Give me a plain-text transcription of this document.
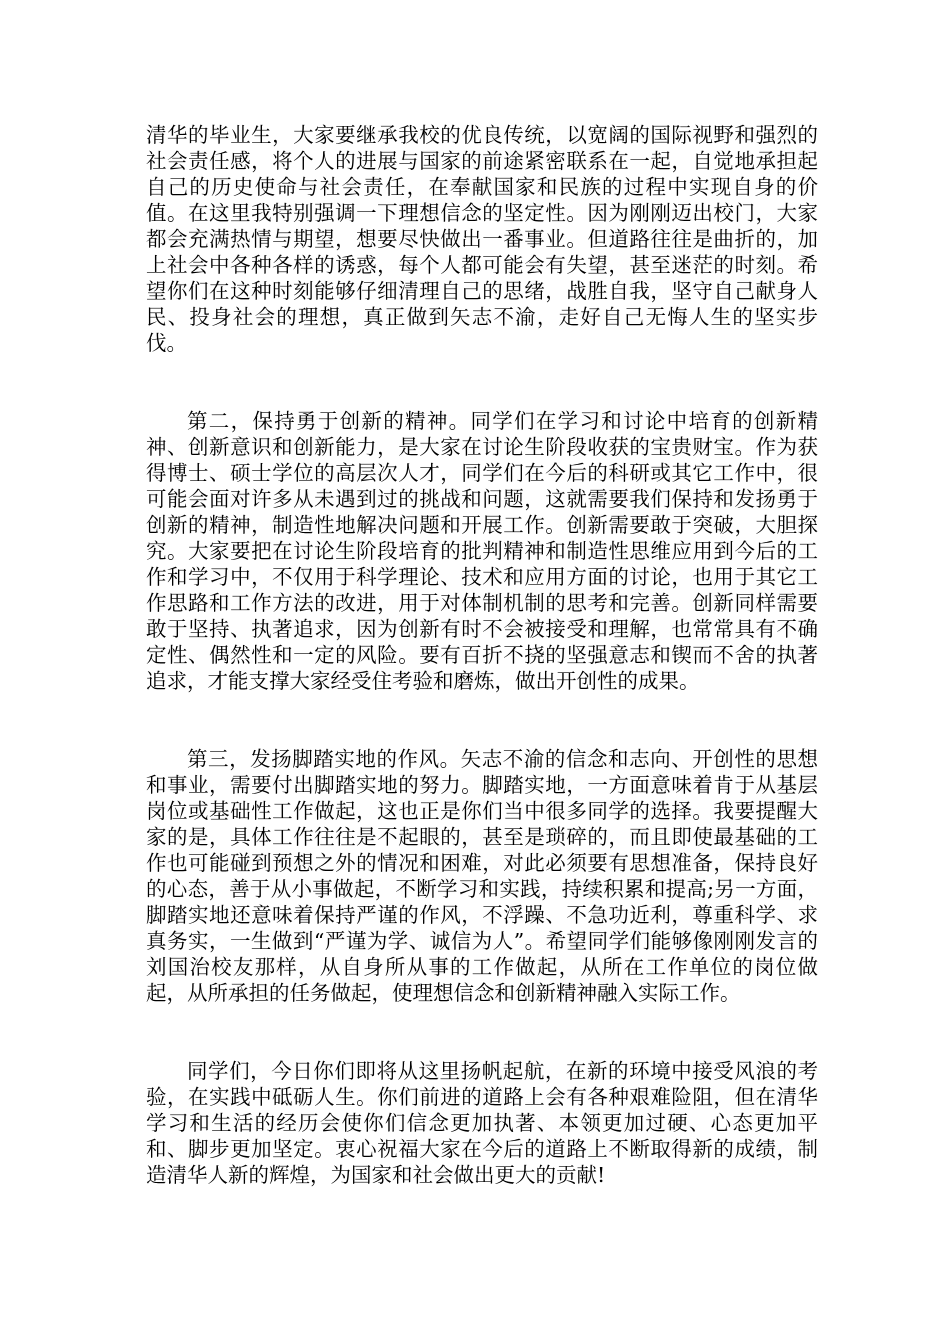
清华的毕业生，大家要继承我校的优良传统，以宽阔的国际视野和强烈的社会责任感，将个人的进展与国家的前途紧密联系在一起，自觉地承担起自己的历史使命与社会责任，在奉献国家和民族的过程中实现自身的价值。在这里我特别强调一下理想信念的坚定性。因为刚刚迈出校门，大家都会充满热情与期望，想要尽快做出一番事业。但道路往往是曲折的，加上社会中各种各样的诱惑，每个人都可能会有失望，甚至迷茫的时刻。希望你们在这种时刻能够仔细清理自己的思绪，战胜自我，坚守自己献身人民、投身社会的理想，真正做到矢志不渝，走好自己无悔人生的坚实步伐。

第二，保持勇于创新的精神。同学们在学习和讨论中培育的创新精神、创新意识和创新能力，是大家在讨论生阶段收获的宝贵财宝。作为获得博士、硕士学位的高层次人才，同学们在今后的科研或其它工作中，很可能会面对许多从未遇到过的挑战和问题，这就需要我们保持和发扬勇于创新的精神，制造性地解决问题和开展工作。创新需要敢于突破，大胆探究。大家要把在讨论生阶段培育的批判精神和制造性思维应用到今后的工作和学习中，不仅用于科学理论、技术和应用方面的讨论，也用于其它工作思路和工作方法的改进，用于对体制机制的思考和完善。创新同样需要敢于坚持、执著追求，因为创新有时不会被接受和理解，也常常具有不确定性、偶然性和一定的风险。要有百折不挠的坚强意志和锲而不舍的执著追求，才能支撑大家经受住考验和磨炼，做出开创性的成果。

第三，发扬脚踏实地的作风。矢志不渝的信念和志向、开创性的思想和事业，需要付出脚踏实地的努力。脚踏实地，一方面意味着肯于从基层岗位或基础性工作做起，这也正是你们当中很多同学的选择。我要提醒大家的是，具体工作往往是不起眼的，甚至是琐碎的，而且即使最基础的工作也可能碰到预想之外的情况和困难，对此必须要有思想准备，保持良好的心态，善于从小事做起，不断学习和实践，持续积累和提高;另一方面，脚踏实地还意味着保持严谨的作风，不浮躁、不急功近利，尊重科学、求真务实，一生做到“严谨为学、诚信为人”。希望同学们能够像刚刚发言的刘国治校友那样，从自身所从事的工作做起，从所在工作单位的岗位做起，从所承担的任务做起，使理想信念和创新精神融入实际工作。

同学们，今日你们即将从这里扬帆起航，在新的环境中接受风浪的考验，在实践中砥砺人生。你们前进的道路上会有各种艰难险阻，但在清华学习和生活的经历会使你们信念更加执著、本领更加过硬、心态更加平和、脚步更加坚定。衷心祝福大家在今后的道路上不断取得新的成绩，制造清华人新的辉煌，为国家和社会做出更大的贡献!
